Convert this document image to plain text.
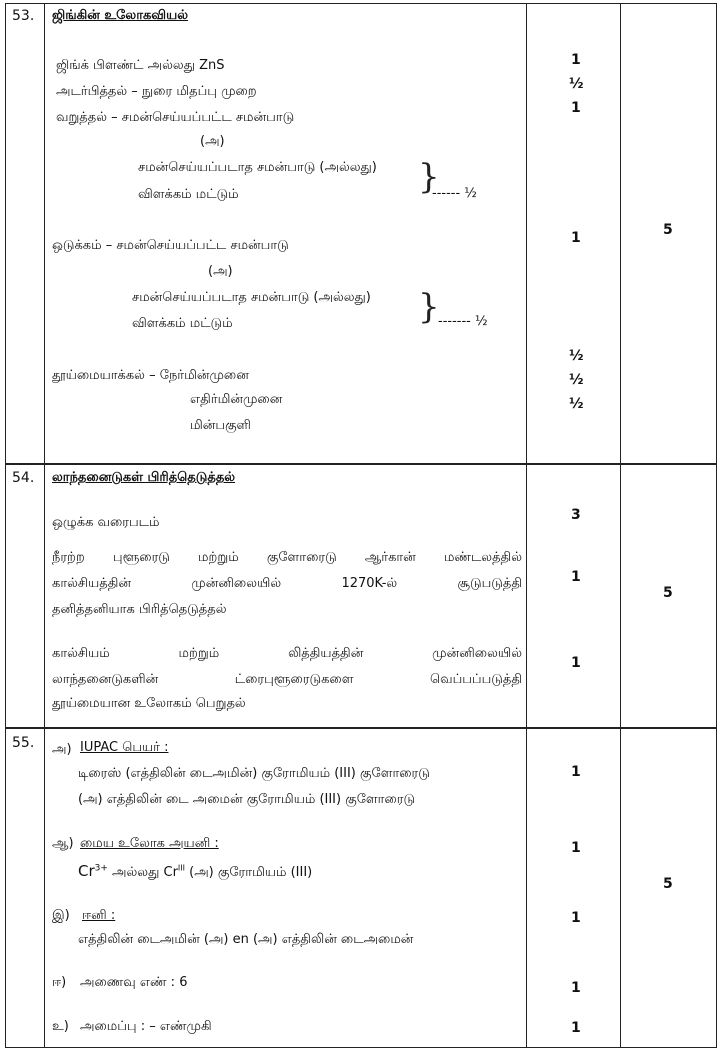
53. ஜிங்கின் உலோகவியல்
ஜிங்க் பிளண்ட் அல்லது ZnS
அடர்பித்தல் – நுரை மிதப்பு முறை
வறுத்தல் – சமன்செய்யப்பட்ட சமன்பாடு
(அ)
சமன்செய்யப்படாத சமன்பாடு (அல்லது)
விளக்கம் மட்டும்	}
------ ½
ஒடுக்கம் – சமன்செய்யப்பட்ட சமன்பாடு
(அ)
சமன்செய்யப்படாத சமன்பாடு (அல்லது)
விளக்கம் மட்டும்	}
------- ½
தூய்மையாக்கல் – நேர்மின்முனை
எதிர்மின்முனை
மின்பகுளி
1
½
1
1
½
½
½
5
54. லாந்தனைடுகள் பிரித்தெடுத்தல்
ஒழுக்க வரைபடம்
நீரற்ற புளூரைடு மற்றும் குளோரைடு ஆர்கான் மண்டலத்தில்
கால்சியத்தின் முன்னிலையில் 1270K-ல் சூடுபடுத்தி
தனித்தனியாக பிரித்தெடுத்தல்
கால்சியம் மற்றும் லித்தியத்தின் முன்னிலையில்
லாந்தனைடுகளின் ட்ரைபுளூரைடுகளை வெப்பப்படுத்தி
தூய்மையான உலோகம் பெறுதல்
3
1
1
5
55. அ) IUPAC பெயர் :
டிரைஸ் (எத்திலின் டைஅமின்) குரோமியம் (III) குளோரைடு
(அ) எத்திலின் டை அமைன் குரோமியம் (III) குளோரைடு
ஆ) மைய உலோக அயனி :
$Cr^{3+}$ அல்லது $Cr^{III}$ (அ) குரோமியம் (III)
இ) ஈனி :
எத்திலின் டைஅமின் (அ) en (அ) எத்திலின் டைஅமைன்
ஈ) அணைவு எண் : 6
உ) அமைப்பு : – எண்முகி
1
1
1
1
1
5
